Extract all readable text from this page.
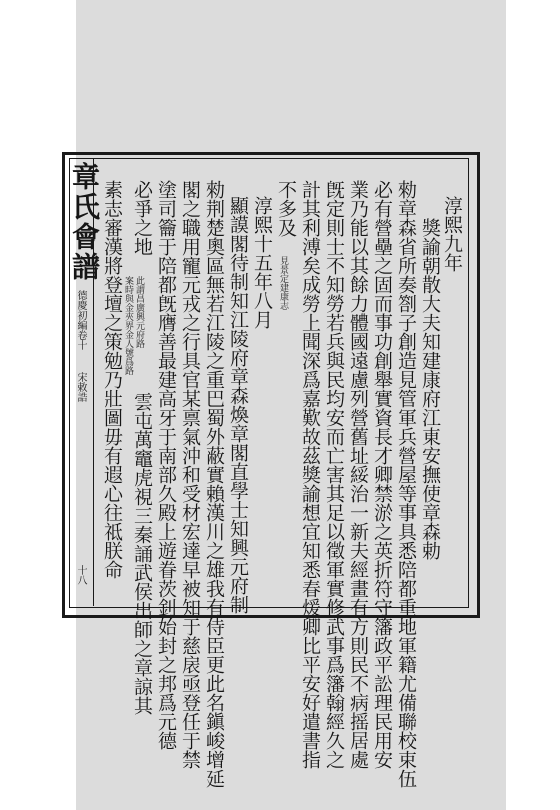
章氏會譜
德慶初編卷十
宋敕誥
十八
淳熙九年
獎諭朝散大夫知建康府江東安撫使章森勅
勑章森省所奏劄子創造見管軍兵營屋等事具悉陪都重地軍籍尤備聯校束伍
必有營壘之固而事功創舉實資長才卿禁淤之英折符守籓政平訟理民用安
業乃能以其餘力體國遠慮列營舊址綏治一新夫經畫有方則民不病摇居處
旣定則士不知勞若兵與民均安而亡害其足以徵軍實修武事爲籓翰經久之
計其利溥矣成勞上聞深爲嘉歎故茲獎諭想宜知悉春煖卿比平安好遣書指
不多及
見景定建康志
淳熙十五年八月
顯謨閣待制知江陵府章森煥章閣直學士知興元府制
勑荆楚奧區無若江陵之重巴蜀外蔽實賴漢川之雄我有侍臣更此名鎭峻增延
閣之職用寵元戎之行具官某禀氣沖和受材宏達早被知于慈扆亟登任于禁
塗司籥于陪都旣膺善最建高牙于南部久殿上遊眷茨釗始封之邦爲元德
必爭之地
此謂昌廣興元府路
案時與金夾界金人號爲路
雲屯萬竈虎視三秦誦武侯出師之章諒其
素志審漢將登壇之策勉乃壯圖毋有遐心往祗朕命
